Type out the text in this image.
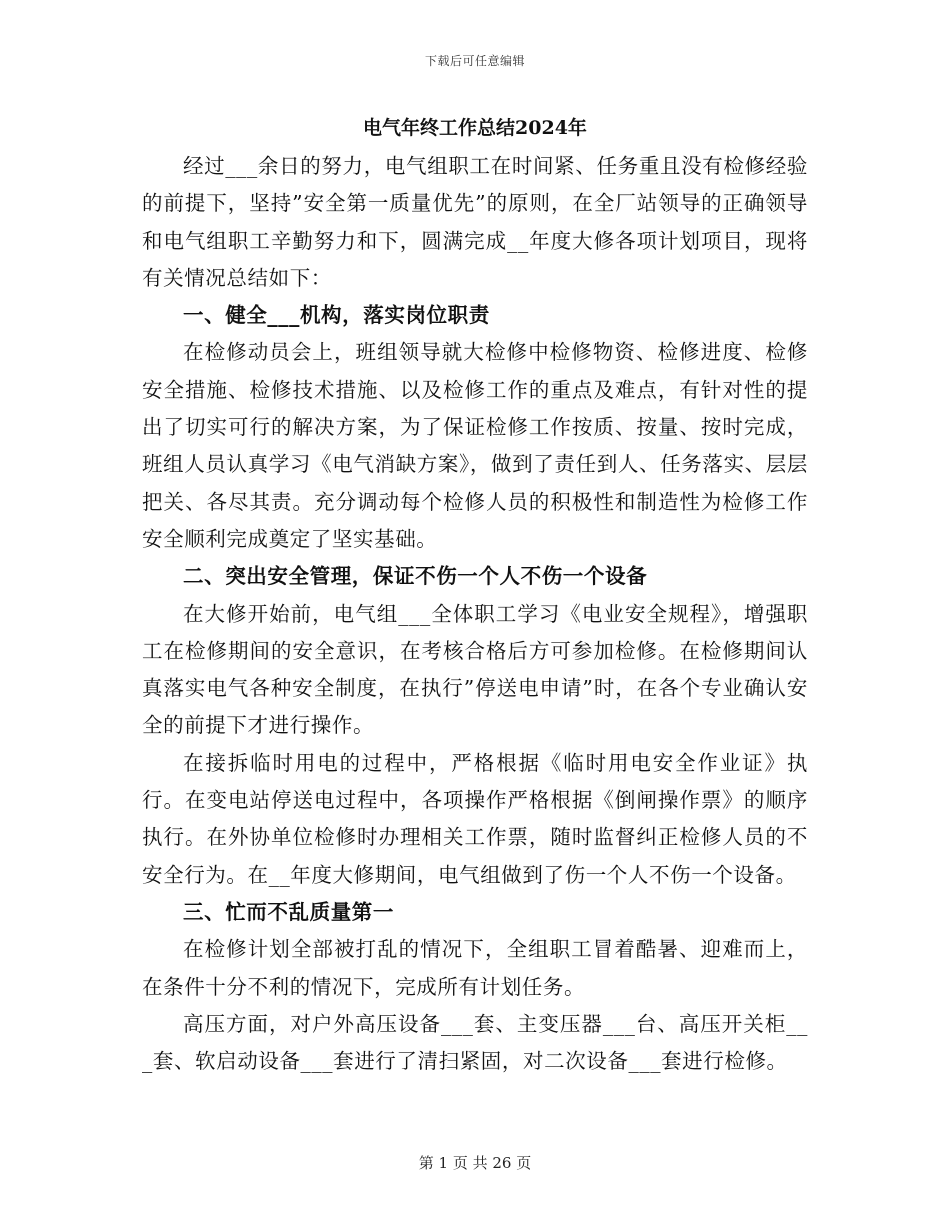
下载后可任意编辑
电气年终工作总结2024年

经过___余日的努力，电气组职工在时间紧、任务重且没有检修经验的前提下，坚持”安全第一质量优先”的原则，在全厂站领导的正确领导和电气组职工辛勤努力和下，圆满完成__年度大修各项计划项目，现将有关情况总结如下：

一、健全___机构，落实岗位职责

在检修动员会上，班组领导就大检修中检修物资、检修进度、检修安全措施、检修技术措施、以及检修工作的重点及难点，有针对性的提出了切实可行的解决方案，为了保证检修工作按质、按量、按时完成，班组人员认真学习《电气消缺方案》，做到了责任到人、任务落实、层层把关、各尽其责。充分调动每个检修人员的积极性和制造性为检修工作安全顺利完成奠定了坚实基础。

二、突出安全管理，保证不伤一个人不伤一个设备

在大修开始前，电气组___全体职工学习《电业安全规程》，增强职工在检修期间的安全意识，在考核合格后方可参加检修。在检修期间认真落实电气各种安全制度，在执行”停送电申请”时，在各个专业确认安全的前提下才进行操作。

在接拆临时用电的过程中，严格根据《临时用电安全作业证》执行。在变电站停送电过程中，各项操作严格根据《倒闸操作票》的顺序执行。在外协单位检修时办理相关工作票，随时监督纠正检修人员的不安全行为。在__年度大修期间，电气组做到了伤一个人不伤一个设备。

三、忙而不乱质量第一

在检修计划全部被打乱的情况下，全组职工冒着酷暑、迎难而上，在条件十分不利的情况下，完成所有计划任务。

高压方面，对户外高压设备___套、主变压器___台、高压开关柜___套、软启动设备___套进行了清扫紧固，对二次设备___套进行检修。

第 1 页 共 26 页
